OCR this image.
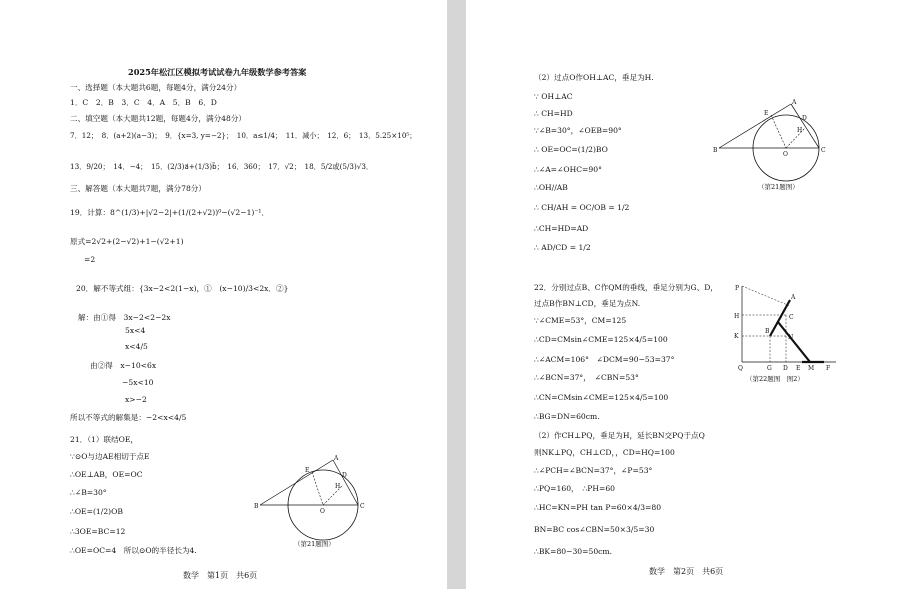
2025年松江区模拟考试试卷九年级数学参考答案
一、选择题（本大题共6题，每题4分，满分24分）
1．C　2．B　3．C　4．A　5．B　6．D
二、填空题（本大题共12题，每题4分，满分48分）
7．12；　8．(a+2)(a−3)；　9．{x=3, y=−2}；　10．a≤1/4；　11．减小；　12．6；　13．5.25×10⁵；
13．9/20；　14．−4；　15．(2/3)a⃗+(1/3)b⃗；　16．360；　17．√2；　18．5/2或(5/3)√3．
三、解答题（本大题共7题，满分78分）
19．计算：8^(1/3)+|√2−2|+(1/(2+√2))⁰−(√2−1)⁻¹．
原式=2√2+(2−√2)+1−(√2+1)
=2
20．解不等式组：{3x−2<2(1−x)，①　(x−10)/3<2x．②}
解：由①得　3x−2<2−2x
5x<4
x<4/5
由②得　x−10<6x
−5x<10
x>−2
所以不等式的解集是：−2<x<4/5
21．（1）联结OE，
∵⊙O与边AE相切于点E
∴OE⊥AB，OE=OC
∴∠B=30°
∴OE=(1/2)OB
∴3OE=BC=12
∴OE=OC=4　所以⊙O的半径长为4.
B
O
C
A
E
D
H
（第21题图）
数学　第1页　共6页
（2）过点O作OH⊥AC，垂足为H.
∵ OH⊥AC
∴ CH=HD
∵∠B=30°，∠OEB=90°
∴ OE=OC=(1/2)BO
∴∠A=∠OHC=90°
∴OH//AB
∴ CH/AH = OC/OB = 1/2
∴CH=HD=AD
∴ AD/CD = 1/2
22．分别过点B、C作QM的垂线，垂足分别为G、D，
过点B作BN⊥CD，垂足为点N.
∵∠CME=53°，CM=125
∴CD=CMsin∠CME=125×4/5=100
∴∠ACM=106°　∠DCM=90−53=37°
∴∠BCN=37°，　∠CBN=53°
∴CN=CMsin∠CME=125×4/5=100
∴BG=DN=60cm.
（2）作CH⊥PQ，垂足为H，延长BN交PQ于点Q
则NK⊥PQ，CH⊥CD，，CD=HQ=100
∴∠PCH=∠BCN=37°，∠P=53°
∴PQ=160，　∴PH=60
∴HC=KN=PH tan P=60×4/3=80
BN=BC cos∠CBN=50×3/5=30
∴BK=80−30=50cm.
B
O
C
A
E
D
H
（第21题图）
P
A
H	C
K
B
N
Q	G D E M F
（第22题图　图2）
数学　第2页　共6页
